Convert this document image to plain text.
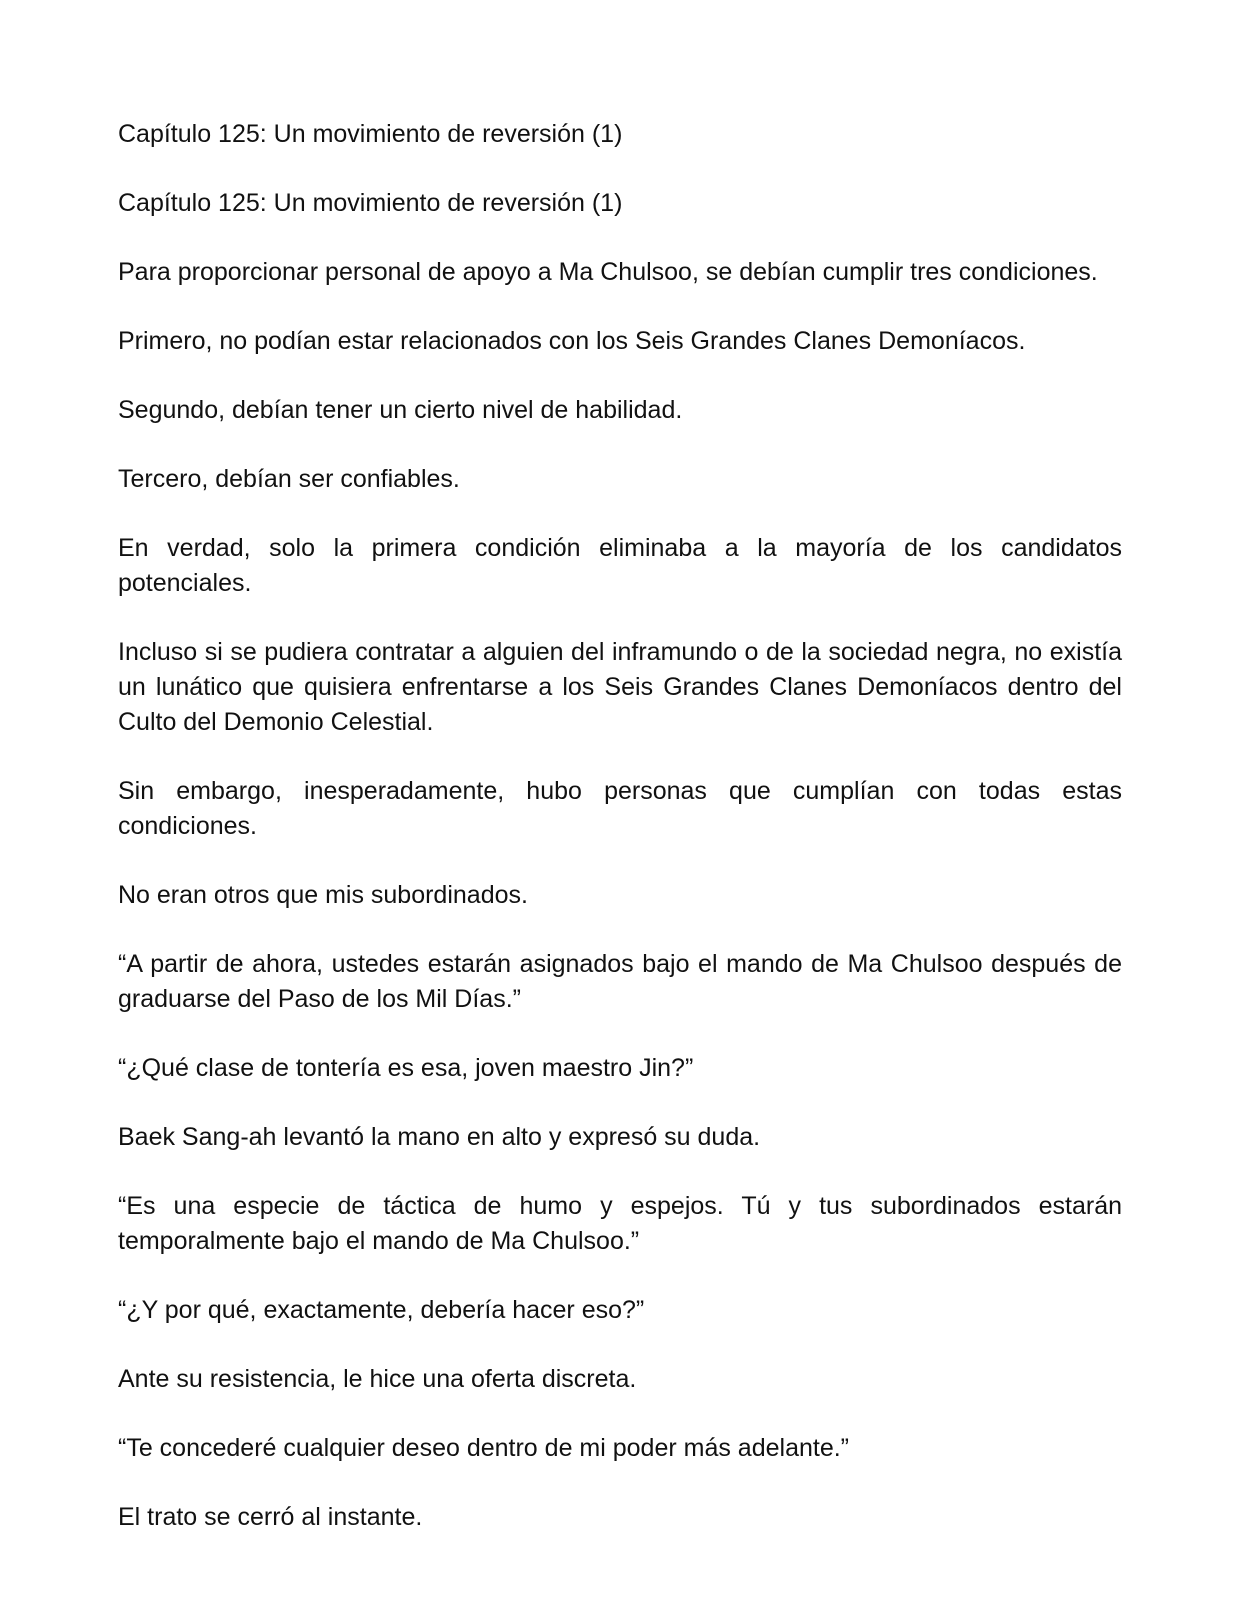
Capítulo 125: Un movimiento de reversión (1)

Capítulo 125: Un movimiento de reversión (1)

Para proporcionar personal de apoyo a Ma Chulsoo, se debían cumplir tres condiciones.

Primero, no podían estar relacionados con los Seis Grandes Clanes Demoníacos.

Segundo, debían tener un cierto nivel de habilidad.

Tercero, debían ser confiables.

En verdad, solo la primera condición eliminaba a la mayoría de los candidatos potenciales.

Incluso si se pudiera contratar a alguien del inframundo o de la sociedad negra, no existía un lunático que quisiera enfrentarse a los Seis Grandes Clanes Demoníacos dentro del Culto del Demonio Celestial.

Sin embargo, inesperadamente, hubo personas que cumplían con todas estas condiciones.

No eran otros que mis subordinados.

“A partir de ahora, ustedes estarán asignados bajo el mando de Ma Chulsoo después de graduarse del Paso de los Mil Días.”

“¿Qué clase de tontería es esa, joven maestro Jin?”

Baek Sang-ah levantó la mano en alto y expresó su duda.

“Es una especie de táctica de humo y espejos. Tú y tus subordinados estarán temporalmente bajo el mando de Ma Chulsoo.”

“¿Y por qué, exactamente, debería hacer eso?”

Ante su resistencia, le hice una oferta discreta.

“Te concederé cualquier deseo dentro de mi poder más adelante.”

El trato se cerró al instante.
